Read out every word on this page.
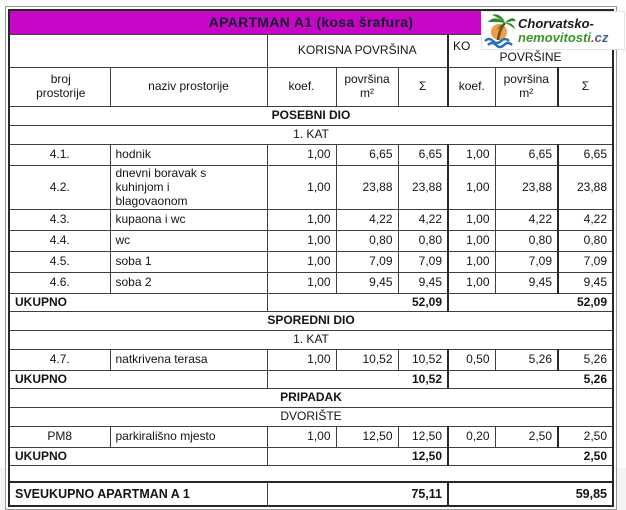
APARTMAN A1 (kosa šrafura)							
		KORISNA POVRŠINA			KO
POVRŠINE		

broj prostorije	naziv prostorije	koef.	površina m²	Σ	koef.	površina m²	Σ
POSEBNI DIO							
1. KAT							
4.1.	hodnik	1,00	6,65	6,65	1,00	6,65	6,65
4.2.	dnevni boravak s kuhinjom i blagovaonom	1,00	23,88	23,88	1,00	23,88	23,88
4.3.	kupaona i wc	1,00	4,22	4,22	1,00	4,22	4,22
4.4.	wc	1,00	0,80	0,80	1,00	0,80	0,80
4.5.	soba 1	1,00	7,09	7,09	1,00	7,09	7,09
4.6.	soba 2	1,00	9,45	9,45	1,00	9,45	9,45
UKUPNO		52,09			52,09		
SPOREDNI DIO							
1. KAT							
4.7.	natkrivena terasa	1,00	10,52	10,52	0,50	5,26	5,26
UKUPNO		10,52			5,26		
PRIPADAK							
DVORIŠTE							
PM8	parkirališno mjesto	1,00	12,50	12,50	0,20	2,50	2,50
UKUPNO		12,50			2,50		

SVEUKUPNO APARTMAN A 1		75,11			59,85		
Chorvatsko-
nemovitosti.cz
